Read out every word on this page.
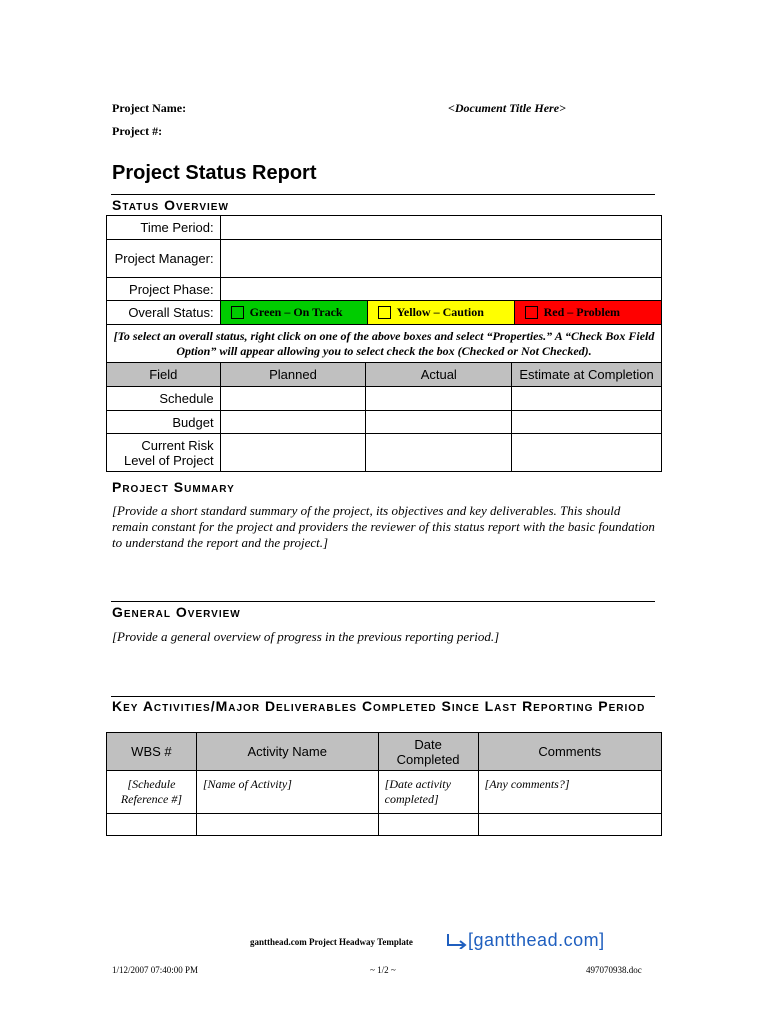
Project Name:	<Document Title Here>
Project #:
Project Status Report
Status Overview
Time Period:			
Project Manager:			
Project Phase:			
Overall Status:	Green – On Track Yellow – Caution Red – Problem		

[To select an overall status, right click on one of the above boxes and select “Properties.” A “Check Box Field Option” will appear allowing you to select check the box (Checked or Not Checked).			
Field	Planned	Actual	Estimate at Completion
Schedule			
Budget			
Current Risk Level of Project			
Project Summary
[Provide a short standard summary of the project, its objectives and key deliverables. This should remain constant for the project and providers the reviewer of this status report with the basic foundation to understand the report and the project.]
General Overview
[Provide a general overview of progress in the previous reporting period.]
Key Activities/Major Deliverables Completed Since Last Reporting Period
WBS #	Activity Name	Date Completed	Comments
[Schedule Reference #]	[Name of Activity]	[Date activity completed]	[Any comments?]

gantthead.com Project Headway Template	[gantthead.com]
1/12/2007 07:40:00 PM	~ 1/2 ~	497070938.doc
